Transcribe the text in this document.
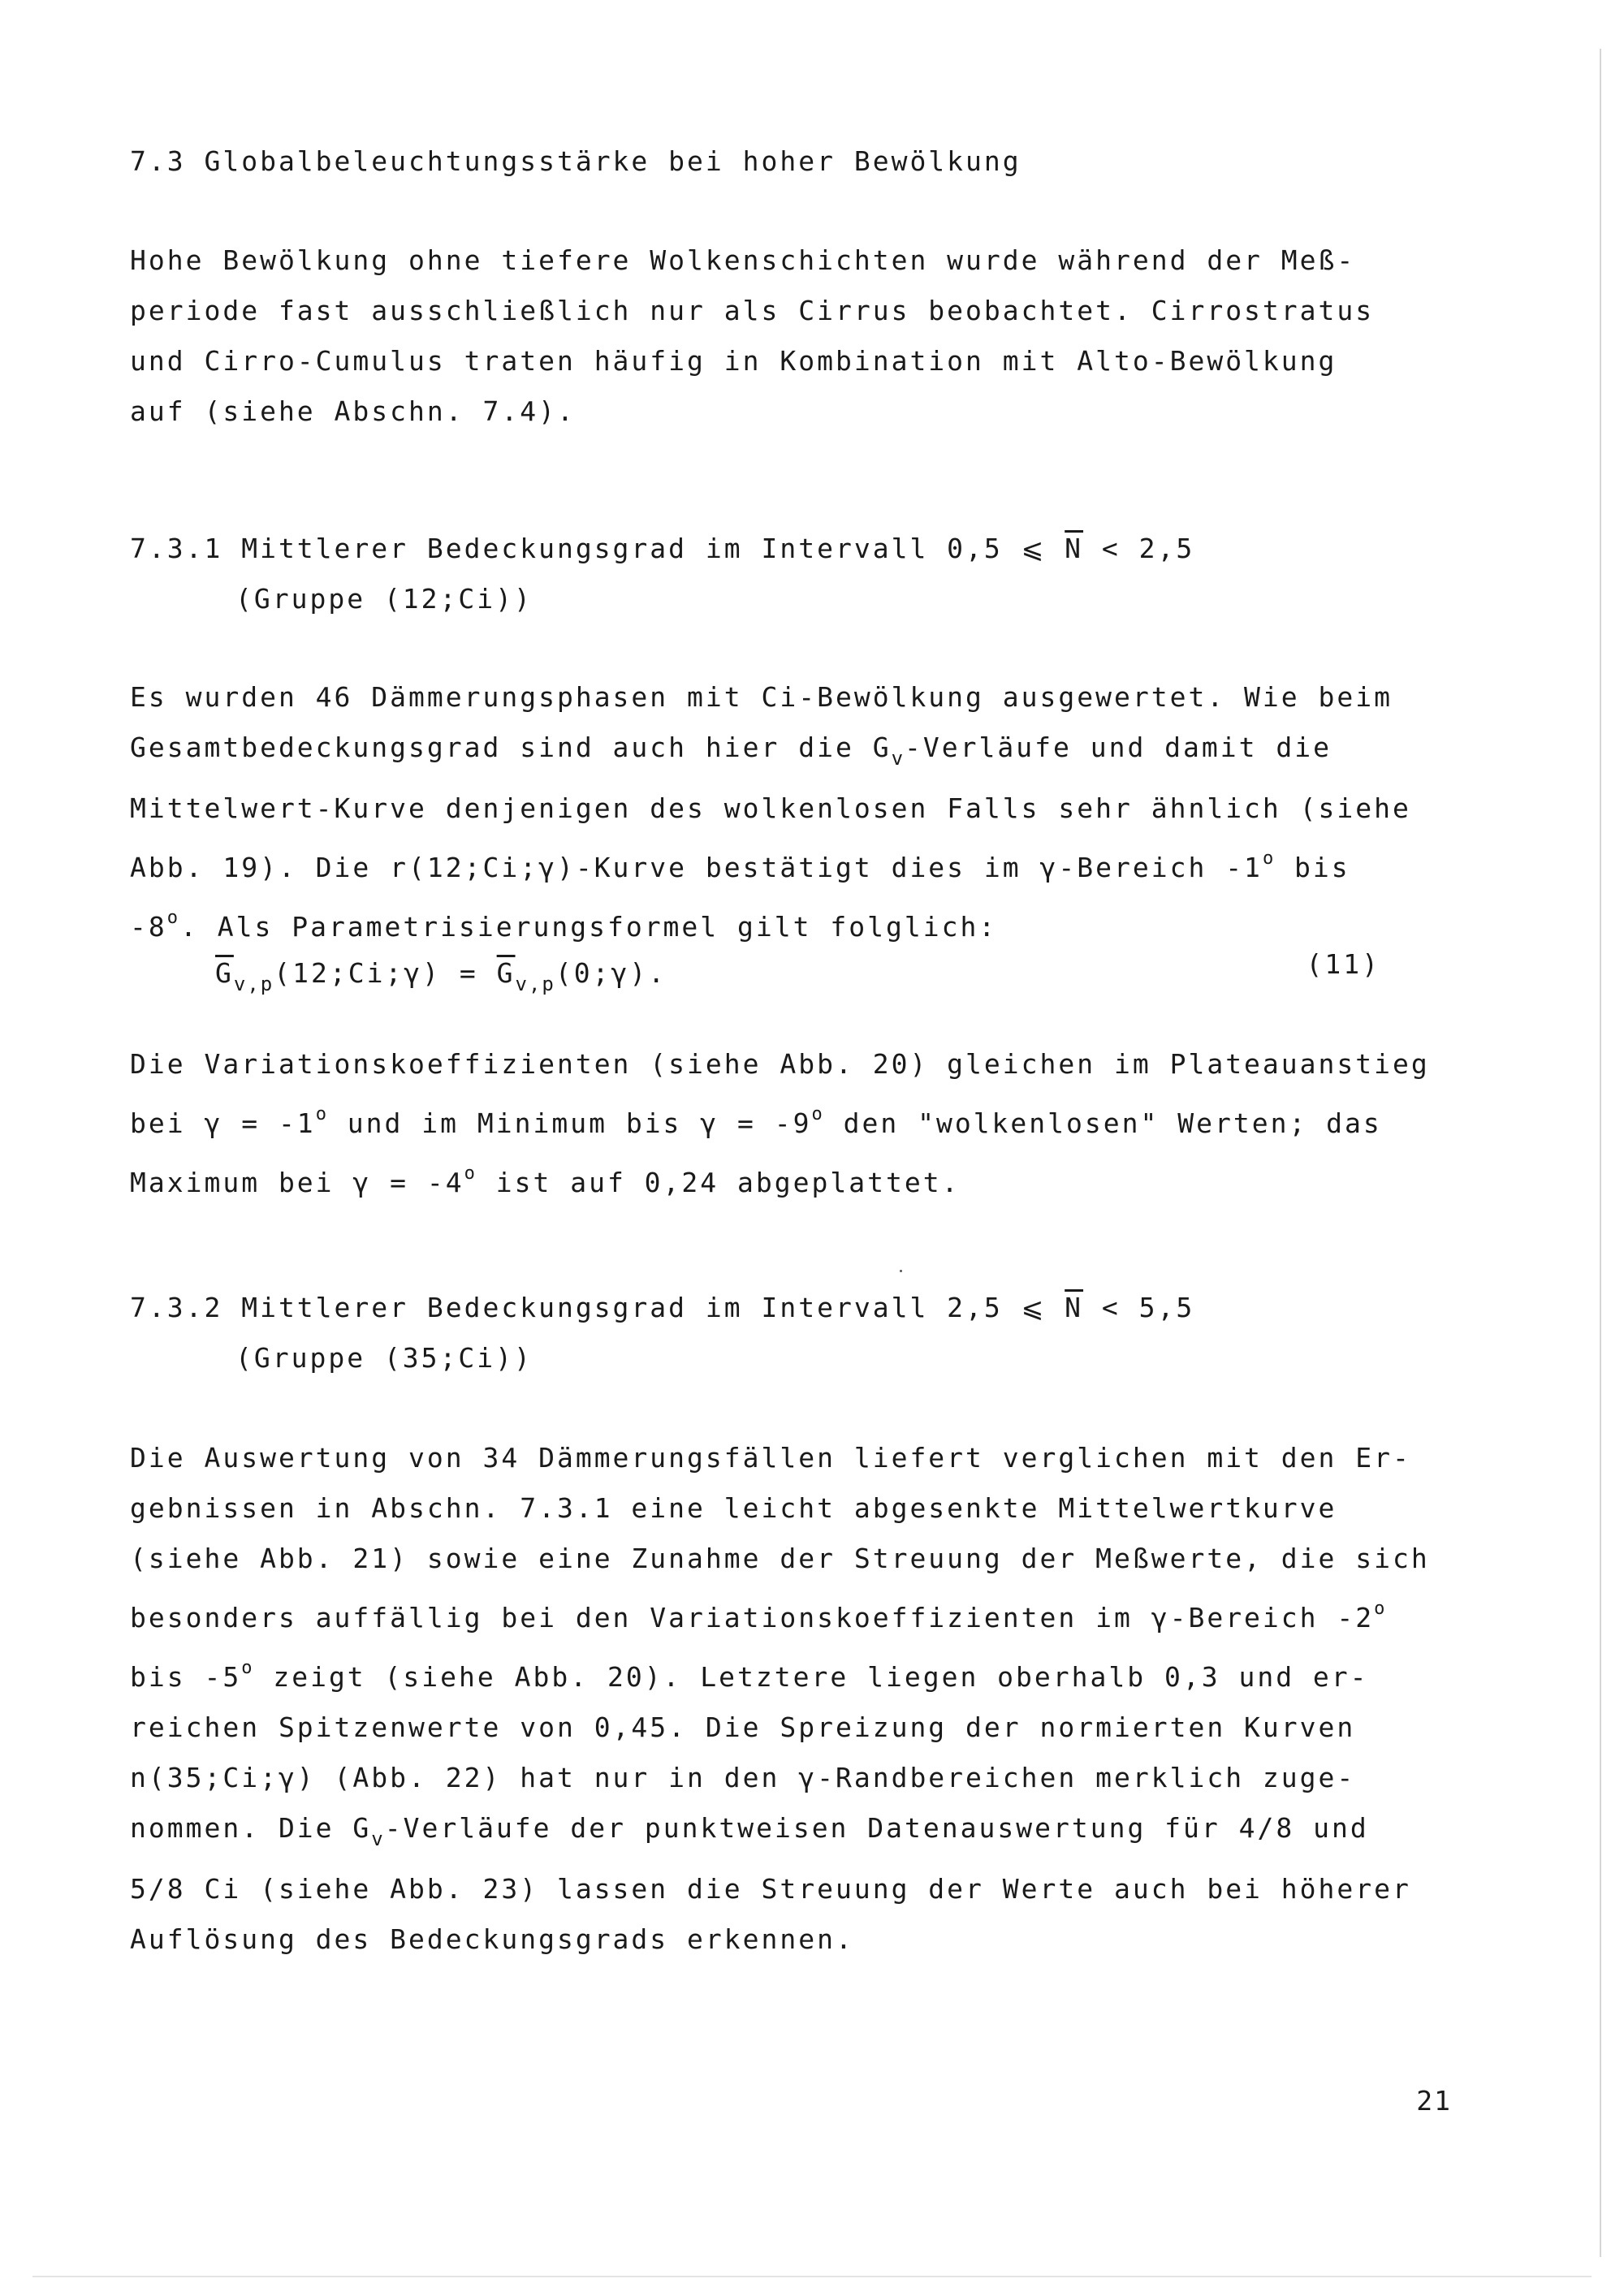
7.3 Globalbeleuchtungsstärke bei hoher Bewölkung
Hohe Bewölkung ohne tiefere Wolkenschichten wurde während der Meß-
periode fast ausschließlich nur als Cirrus beobachtet. Cirrostratus
und Cirro-Cumulus traten häufig in Kombination mit Alto-Bewölkung
auf (siehe Abschn. 7.4).
7.3.1 Mittlerer Bedeckungsgrad im Intervall 0,5 ⩽ $\overline{N} < 2,5$
(Gruppe (12;Ci))
Es wurden 46 Dämmerungsphasen mit Ci-Bewölkung ausgewertet. Wie beim
Gesamtbedeckungsgrad sind auch hier die $G_v$-Verläufe und damit die
Mittelwert-Kurve denjenigen des wolkenlosen Falls sehr ähnlich (siehe
Abb. 19). Die r(12;Ci;γ)-Kurve bestätigt dies im γ-Bereich -1$^o$ bis
-8$^o$. Als Parametrisierungsformel gilt folglich:
$\overline{G}_{v,p}(12;Ci;\gamma)$ = $\overline{G}_{v,p}(0;\gamma)$.	(11)
Die Variationskoeffizienten (siehe Abb. 20) gleichen im Plateauanstieg
bei $\gamma = -1^o$ und im Minimum bis $\gamma = -9^o$ den "wolkenlosen" Werten; das
Maximum bei $\gamma = -4^o$ ist auf 0,24 abgeplattet.
7.3.2 Mittlerer Bedeckungsgrad im Intervall 2,5 ⩽ $\overline{N} < 5,5$
(Gruppe (35;Ci))
Die Auswertung von 34 Dämmerungsfällen liefert verglichen mit den Er-
gebnissen in Abschn. 7.3.1 eine leicht abgesenkte Mittelwertkurve
(siehe Abb. 21) sowie eine Zunahme der Streuung der Meßwerte, die sich
besonders auffällig bei den Variationskoeffizienten im γ-Bereich -2$^o$
bis -5$^o$ zeigt (siehe Abb. 20). Letztere liegen oberhalb 0,3 und er-
reichen Spitzenwerte von 0,45. Die Spreizung der normierten Kurven
n(35;Ci;γ) (Abb. 22) hat nur in den γ-Randbereichen merklich zuge-
nommen. Die $G_v$-Verläufe der punktweisen Datenauswertung für 4/8 und
5/8 Ci (siehe Abb. 23) lassen die Streuung der Werte auch bei höherer
Auflösung des Bedeckungsgrads erkennen.
21
